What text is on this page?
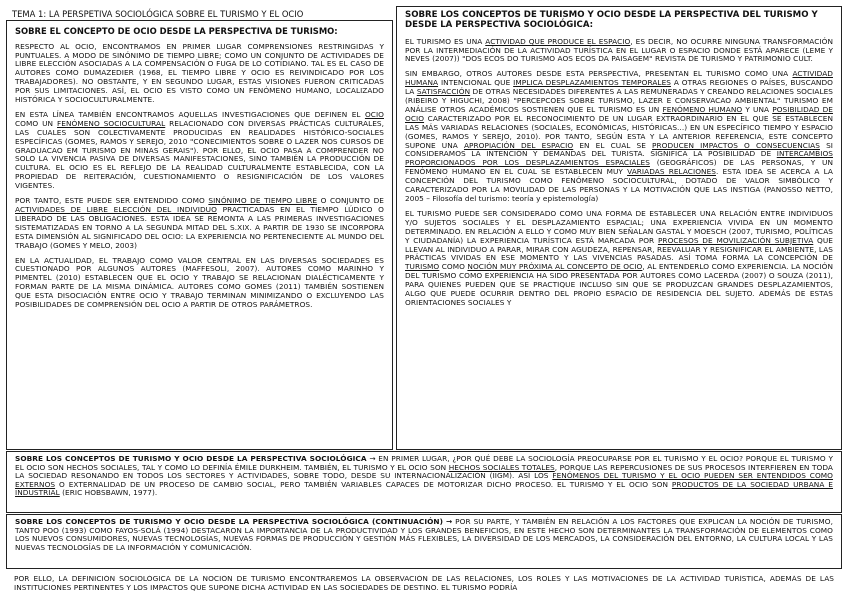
TEMA 1: LA PERSPETIVA SOCIOLÓGICA SOBRE EL TURISMO Y EL OCIO
SOBRE EL CONCEPTO DE OCIO DESDE LA PERSPECTIVA DE TURISMO:

RESPECTO AL OCIO, ENCONTRAMOS EN PRIMER LUGAR COMPRENSIONES RESTRINGIDAS Y PUNTUALES. A MODO DE SINÓNIMO DE TIEMPO LIBRE; COMO UN CONJUNTO DE ACTIVIDADES DE LIBRE ELECCIÓN ASOCIADAS A LA COMPENSACIÓN O FUGA DE LO COTIDIANO. TAL ES EL CASO DE AUTORES COMO DUMAZEDIER (1968, EL TIEMPO LIBRE Y OCIO ES REIVINDICADO POR LOS TRABAJADORES). NO OBSTANTE, Y EN SEGUNDO LUGAR, ESTAS VISIONES FUERON CRITICADAS POR SUS LIMITACIONES. ASÍ, EL OCIO ES VISTO COMO UN FENÓMENO HUMANO, LOCALIZADO HISTÓRICA Y SOCIOCULTURALMENTE.

EN ESTA LÍNEA TAMBIÉN ENCONTRAMOS AQUELLAS INVESTIGACIONES QUE DEFINEN EL OCIO COMO UN FENÓMENO SOCIOCULTURAL RELACIONADO CON DIVERSAS PRÁCTICAS CULTURALES, LAS CUALES SON COLECTIVAMENTE PRODUCIDAS EN REALIDADES HISTÓRICO-SOCIALES ESPECÍFICAS (GOMES, RAMOS Y SEREJO, 2010 "CONECIMIENTOS SOBRE O LAZER NOS CURSOS DE GRADUACAO EM TURISMO EN MINAS GERAIS"). POR ELLO, EL OCIO PASA A COMPRENDER NO SOLO LA VIVENCIA PASIVA DE DIVERSAS MANIFESTACIONES, SINO TAMBIÉN LA PRODUCCIÓN DE CULTURA. EL OCIO ES EL REFLEJO DE LA REALIDAD CULTURALMENTE ESTABLECIDA, CON LA PROPIEDAD DE REITERACIÓN, CUESTIONAMIENTO O RESIGNIFICACIÓN DE LOS VALORES VIGENTES.

POR TANTO, ESTE PUEDE SER ENTENDIDO COMO SINÓNIMO DE TIEMPO LIBRE O CONJUNTO DE ACTIVIDADES DE LIBRE ELECCIÓN DEL INDIVIDUO PRACTICADAS EN EL TIEMPO LÚDICO O LIBERADO DE LAS OBLIGACIONES. ESTA IDEA SE REMONTA A LAS PRIMERAS INVESTIGACIONES SISTEMATIZADAS EN TORNO A LA SEGUNDA MITAD DEL S.XIX. A PARTIR DE 1930 SE INCORPORA ESTA DIMENSIÓN AL SIGNIFICADO DEL OCIO: LA EXPERIENCIA NO PERTENECIENTE AL MUNDO DEL TRABAJO (GOMES Y MELO, 2003)

EN LA ACTUALIDAD, EL TRABAJO COMO VALOR CENTRAL EN LAS DIVERSAS SOCIEDADES ES CUESTIONADO POR ALGUNOS AUTORES (MAFFESOLI, 2007). AUTORES COMO MARINHO Y PIMENTEL (2010) ESTABLECEN QUE EL OCIO Y TRABAJO SE RELACIONAN DIALÉCTICAMENTE Y FORMAN PARTE DE LA MISMA DINÁMICA. AUTORES COMO GOMES (2011) TAMBIÉN SOSTIENEN QUE ESTA DISOCIACIÓN ENTRE OCIO Y TRABAJO TERMINAN MINIMIZANDO O EXCLUYENDO LAS POSIBILIDADES DE COMPRENSIÓN DEL OCIO A PARTIR DE OTROS PARÁMETROS.

SOBRE LOS CONCEPTOS DE TURISMO Y OCIO DESDE LA PERSPECTIVA DEL TURISMO Y DESDE LA PERSPECTIVA SOCIOLÓGICA:

EL TURISMO ES UNA ACTIVIDAD QUE PRODUCE EL ESPACIO, ES DECIR, NO OCURRE NINGUNA TRANSFORMACIÓN POR LA INTERMEDIACIÓN DE LA ACTIVIDAD TURÍSTICA EN EL LUGAR O ESPACIO DONDE ESTÁ APARECE (LEME Y NEVES (2007)) "DOS ECOS DO TURISMO AOS ECOS DA PAISAGEM" REVISTA DE TURISMO Y PATRIMONIO CULT.

SIN EMBARGO, OTROS AUTORES DESDE ESTA PERSPECTIVA, PRESENTAN EL TURISMO COMO UNA ACTIVIDAD HUMANA INTENCIONAL QUE IMPLICA DESPLAZAMIENTOS TEMPORALES A OTRAS REGIONES O PAÍSES, BUSCANDO LA SATISFACCIÓN DE OTRAS NECESIDADES DIFERENTES A LAS REMUNERADAS Y CREANDO RELACIONES SOCIALES (RIBEIRO Y HIGUCHI, 2008) "PERCEPCOES SOBRE TURISMO, LAZER E CONSERVACAO AMBIENTAL" TURISMO EM ANÁLISE OTROS ACADÉMICOS SOSTIENEN QUE EL TURISMO ES UN FENÓMENO HUMANO Y UNA POSIBILIDAD DE OCIO CARACTERIZADO POR EL RECONOCIMIENTO DE UN LUGAR EXTRAORDINARIO EN EL QUE SE ESTABLECEN LAS MÁS VARIADAS RELACIONES (SOCIALES, ECONÓMICAS, HISTÓRICAS...) EN UN ESPECÍFICO TIEMPO Y ESPACIO (GOMES, RAMOS Y SEREJO, 2010). POR TANTO, SEGÚN ESTA Y LA ANTERIOR REFERENCIA, ESTE CONCEPTO SUPONE UNA APROPIACIÓN DEL ESPACIO EN EL CUAL SE PRODUCEN IMPACTOS O CONSECUENCIAS SI CONSIDERAMOS LA INTENCIÓN Y DEMANDAS DEL TURISTA. SIGNIFICA LA POSIBILIDAD DE INTERCAMBIOS PROPORCIONADOS POR LOS DESPLAZAMIENTOS ESPACIALES (GEOGRÁFICOS) DE LAS PERSONAS, Y UN FENÓMENO HUMANO EN EL CUAL SE ESTABLECEN MUY VARIADAS RELACIONES. ESTA IDEA SE ACERCA A LA CONCEPCIÓN DEL TURISMO COMO FENÓMENO SOCIOCULTURAL, DOTADO DE VALOR SIMBÓLICO Y CARACTERIZADO POR LA MOVILIDAD DE LAS PERSONAS Y LA MOTIVACIÓN QUE LAS INSTIGA (PANOSSO NETTO, 2005 – Filosofía del turismo: teoría y epistemología)

EL TURISMO PUEDE SER CONSIDERADO COMO UNA FORMA DE ESTABLECER UNA RELACIÓN ENTRE INDIVIDUOS Y/O SUJETOS SOCIALES Y EL DESPLAZAMIENTO ESPACIAL; UNA EXPERIENCIA VIVIDA EN UN MOMENTO DETERMINADO. EN RELACIÓN A ELLO Y COMO MUY BIEN SEÑALAN GASTAL Y MOESCH (2007, TURISMO, POLÍTICAS Y CIUDADANÍA) LA EXPERIENCIA TURÍSTICA ESTÁ MARCADA POR PROCESOS DE MOVILIZACIÓN SUBJETIVA QUE LLEVAN AL INDIVIDUO A PARAR, MIRAR CON AGUDEZA, REPENSAR, REEVALUAR Y RESIGNIFICAR EL AMBIENTE, LAS PRÁCTICAS VIVIDAS EN ESE MOMENTO Y LAS VIVENCIAS PASADAS. ASÍ TOMA FORMA LA CONCEPCIÓN DE TURISMO COMO NOCIÓN MUY PRÓXIMA AL CONCEPTO DE OCIO, AL ENTENDERLO COMO EXPERIENCIA. LA NOCIÓN DEL TURISMO COMO EXPERIENCIA HA SIDO PRESENTADA POR AUTORES COMO LACERDA (2007) O SOUZA (2011), PARA QUIENES PUEDEN QUE SE PRACTIQUE INCLUSO SIN QUE SE PRODUZCAN GRANDES DESPLAZAMIENTOS, ALGO QUE PUEDE OCURRIR DENTRO DEL PROPIO ESPACIO DE RESIDENCIA DEL SUJETO. ADEMÁS DE ESTAS ORIENTACIONES SOCIALES Y

SOBRE LOS CONCEPTOS DE TURISMO Y OCIO DESDE LA PERSPECTIVA SOCIOLÓGICA → EN PRIMER LUGAR, ¿POR QUÉ DEBE LA SOCIOLOGÍA PREOCUPARSE POR EL TURISMO Y EL OCIO? PORQUE EL TURISMO Y EL OCIO SON HECHOS SOCIALES, TAL Y COMO LO DEFINÍA ÉMILE DURKHEIM. TAMBIÉN, EL TURISMO Y EL OCIO SON HECHOS SOCIALES TOTALES, PORQUE LAS REPERCUSIONES DE SUS PROCESOS INTERFIEREN EN TODA LA SOCIEDAD RESONANDO EN TODOS LOS SECTORES Y ACTIVIDADES, SOBRE TODO, DESDE SU INTERNACIONALIZACIÓN (IIGM). ASÍ LOS FENÓMENOS DEL TURISMO Y EL OCIO PUEDEN SER ENTENDIDOS COMO EXTERNOS O EXTERNALIDAD DE UN PROCESO DE CAMBIO SOCIAL, PERO TAMBIÉN VARIABLES CAPACES DE MOTORIZAR DICHO PROCESO. EL TURISMO Y EL OCIO SON PRODUCTOS DE LA SOCIEDAD URBANA E INDUSTRIAL (ERIC HOBSBAWN, 1977).

SOBRE LOS CONCEPTOS DE TURISMO Y OCIO DESDE LA PERSPECTIVA SOCIOLÓGICA (CONTINUACIÓN) → POR SU PARTE, Y TAMBIÉN EN RELACIÓN A LOS FACTORES QUE EXPLICAN LA NOCIÓN DE TURISMO, TANTO POO (1993) COMO FAYOS-SOLÁ (1994) DESTACARON LA IMPORTANCIA DE LA PRODUCTIVIDAD Y LOS GRANDES BENEFICIOS, EN ESTE HECHO SON DETERMINANTES LA TRANSFORMACIÓN DE ELEMENTOS COMO LOS NUEVOS CONSUMIDORES, NUEVAS TECNOLOGÍAS, NUEVAS FORMAS DE PRODUCCIÓN Y GESTIÓN MÁS FLEXIBLES, LA DIVERSIDAD DE LOS MERCADOS, LA CONSIDERACIÓN DEL ENTORNO, LA CULTURA LOCAL Y LAS NUEVAS TECNOLOGÍAS DE LA INFORMACIÓN Y COMUNICACIÓN.

POR ELLO, LA DEFINICIÓN SOCIOLÓGICA DE LA NOCIÓN DE TURISMO ENCONTRAREMOS LA OBSERVACIÓN DE LAS RELACIONES, LOS ROLES Y LAS MOTIVACIONES DE LA ACTIVIDAD TURÍSTICA, ADEMÁS DE LAS INSTITUCIONES PERTINENTES Y LOS IMPACTOS QUE SUPONE DICHA ACTIVIDAD EN LAS SOCIEDADES DE DESTINO. EL TURISMO PODRÍA
